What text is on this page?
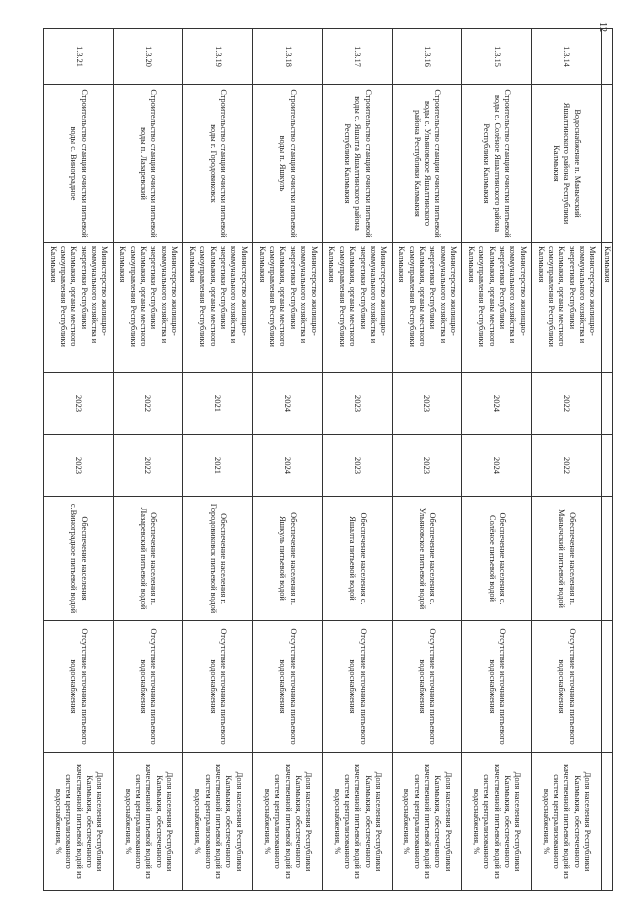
12
		Калмыкия					
1.3.14	Водоснабжение п. Манычский Яшалтинского района Республики Калмыкия	Министерство жилищно-коммунального хозяйства и энергетики Республики Калмыкия, органы местного самоуправления Республики Калмыкия	2022	2022	Обеспечение населения п. Манычский питьевой водой	Отсутствие источника питьевого водоснабжения	Доля населения Республики Калмыкия, обеспеченного качественной питьевой водой из систем централизованного водоснабжения, %
1.3.15	Строительство станции очистки питьевой воды с. Солёное Яшалтинского района Республики Калмыкия	Министерство жилищно-коммунального хозяйства и энергетики Республики Калмыкия, органы местного самоуправления Республики Калмыкия	2024	2024	Обеспечение населения с. Солёное питьевой водой	Отсутствие источника питьевого водоснабжения	Доля населения Республики Калмыкия, обеспеченного качественной питьевой водой из систем централизованного водоснабжения, %
1.3.16	Строительство станции очистки питьевой воды с. Ульяновское Яшалтинского района Республики Калмыкия	Министерство жилищно-коммунального хозяйства и энергетики Республики Калмыкия, органы местного самоуправления Республики Калмыкия	2023	2023	Обеспечение населения с. Ульяновское питьевой водой	Отсутствие источника питьевого водоснабжения	Доля населения Республики Калмыкия, обеспеченного качественной питьевой водой из систем централизованного водоснабжения, %
1.3.17	Строительство станции очистки питьевой воды с. Яшалта Яшалтинского района Республики Калмыкия	Министерство жилищно-коммунального хозяйства и энергетики Республики Калмыкия, органы местного самоуправления Республики Калмыкия	2023	2023	Обеспечение населения с. Яшалта питьевой водой	Отсутствие источника питьевого водоснабжения	Доля населения Республики Калмыкия, обеспеченного качественной питьевой водой из систем централизованного водоснабжения, %
1.3.18	Строительство станции очистки питьевой воды п. Яшкуль	Министерство жилищно-коммунального хозяйства и энергетики Республики Калмыкия, органы местного самоуправления Республики Калмыкия	2024	2024	Обеспечение населения п. Яшкуль питьевой водой	Отсутствие источника питьевого водоснабжения	Доля населения Республики Калмыкия, обеспеченного качественной питьевой водой из систем централизованного водоснабжения, %
1.3.19	Строительство станции очистки питьевой воды г. Городовиковск	Министерство жилищно-коммунального хозяйства и энергетики Республики Калмыкия, органы местного самоуправления Республики Калмыкия	2021	2021	Обеспечение населения г. Городовиковск питьевой водой	Отсутствие источника питьевого водоснабжения	Доля населения Республики Калмыкия, обеспеченного качественной питьевой водой из систем централизованного водоснабжения, %
1.3.20	Строительство станции очистки питьевой воды п. Лазаревский	Министерство жилищно-коммунального хозяйства и энергетики Республики Калмыкия, органы местного самоуправления Республики Калмыкия	2022	2022	Обеспечение населения п. Лазаревский питьевой водой	Отсутствие источника питьевого водоснабжения	Доля населения Республики Калмыкия, обеспеченного качественной питьевой водой из систем централизованного водоснабжения, %
1.3.21	Строительство станции очистки питьевой воды с. Виноградное	Министерство жилищно-коммунального хозяйства и энергетики Республики Калмыкия, органы местного самоуправления Республики Калмыкия	2023	2023	Обеспечение населения с.Виноградное питьевой водой	Отсутствие источника питьевого водоснабжения	Доля населения Республики Калмыкия, обеспеченного качественной питьевой водой из систем централизованного водоснабжения, %
